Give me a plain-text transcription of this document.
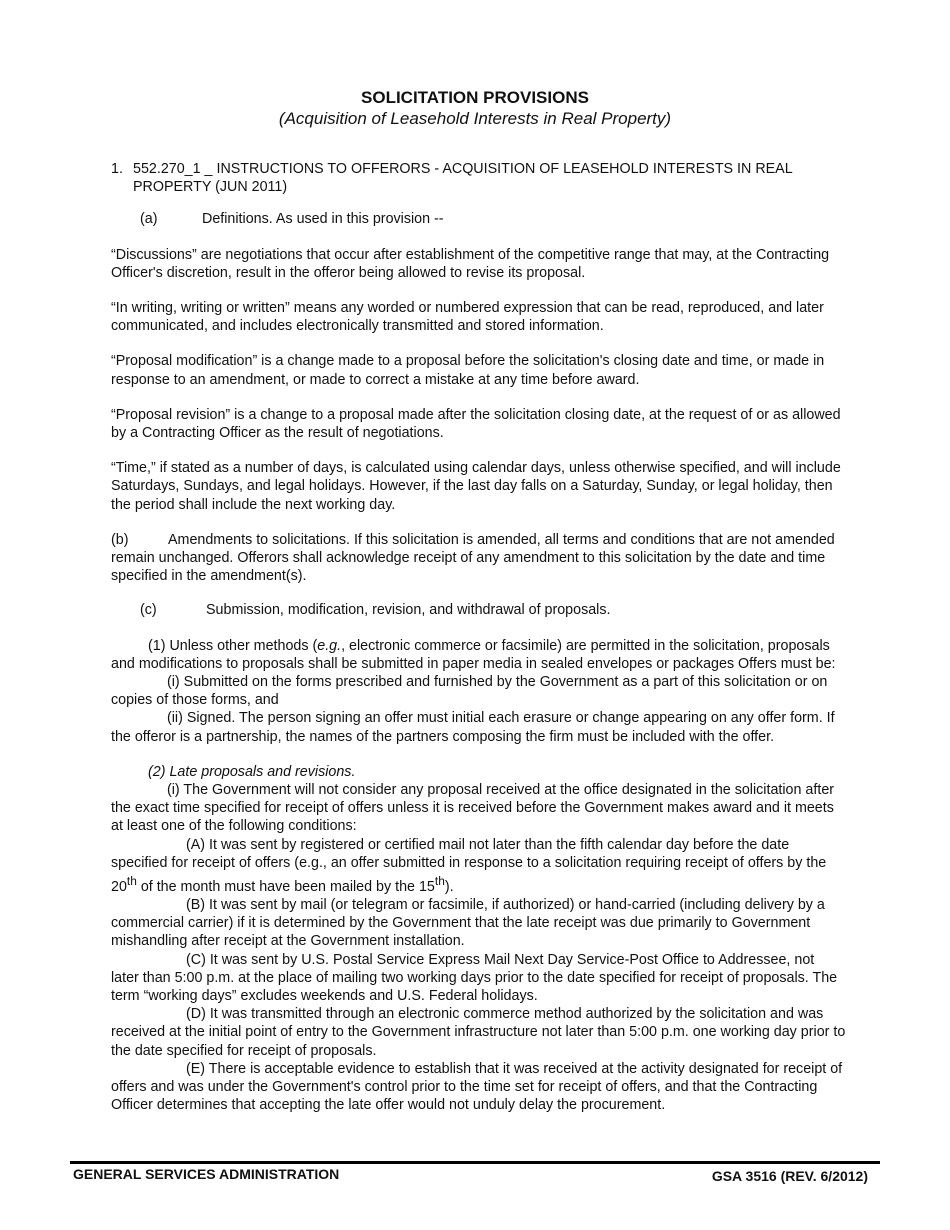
SOLICITATION PROVISIONS
(Acquisition of Leasehold Interests in Real Property)

1. 552.270_1 _ INSTRUCTIONS TO OFFERORS - ACQUISITION OF LEASEHOLD INTERESTS IN REAL PROPERTY (JUN 2011)

(a)	Definitions. As used in this provision --

“Discussions” are negotiations that occur after establishment of the competitive range that may, at the Contracting Officer's discretion, result in the offeror being allowed to revise its proposal.

“In writing, writing or written” means any worded or numbered expression that can be read, reproduced, and later communicated, and includes electronically transmitted and stored information.

“Proposal modification” is a change made to a proposal before the solicitation's closing date and time, or made in response to an amendment, or made to correct a mistake at any time before award.

“Proposal revision” is a change to a proposal made after the solicitation closing date, at the request of or as allowed by a Contracting Officer as the result of negotiations.

“Time,” if stated as a number of days, is calculated using calendar days, unless otherwise specified, and will include Saturdays, Sundays, and legal holidays. However, if the last day falls on a Saturday, Sunday, or legal holiday, then the period shall include the next working day.

(b)	Amendments to solicitations. If this solicitation is amended, all terms and conditions that are not amended remain unchanged. Offerors shall acknowledge receipt of any amendment to this solicitation by the date and time specified in the amendment(s).

(c)	Submission, modification, revision, and withdrawal of proposals.

(1) Unless other methods (e.g., electronic commerce or facsimile) are permitted in the solicitation, proposals and modifications to proposals shall be submitted in paper media in sealed envelopes or packages Offers must be:

(i) Submitted on the forms prescribed and furnished by the Government as a part of this solicitation or on copies of those forms, and

(ii) Signed. The person signing an offer must initial each erasure or change appearing on any offer form. If the offeror is a partnership, the names of the partners composing the firm must be included with the offer.

(2) Late proposals and revisions.

(i) The Government will not consider any proposal received at the office designated in the solicitation after the exact time specified for receipt of offers unless it is received before the Government makes award and it meets at least one of the following conditions:

(A) It was sent by registered or certified mail not later than the fifth calendar day before the date specified for receipt of offers (e.g., an offer submitted in response to a solicitation requiring receipt of offers by the 20th of the month must have been mailed by the 15th).

(B) It was sent by mail (or telegram or facsimile, if authorized) or hand-carried (including delivery by a commercial carrier) if it is determined by the Government that the late receipt was due primarily to Government mishandling after receipt at the Government installation.

(C) It was sent by U.S. Postal Service Express Mail Next Day Service-Post Office to Addressee, not later than 5:00 p.m. at the place of mailing two working days prior to the date specified for receipt of proposals. The term “working days” excludes weekends and U.S. Federal holidays.

(D) It was transmitted through an electronic commerce method authorized by the solicitation and was received at the initial point of entry to the Government infrastructure not later than 5:00 p.m. one working day prior to the date specified for receipt of proposals.

(E) There is acceptable evidence to establish that it was received at the activity designated for receipt of offers and was under the Government's control prior to the time set for receipt of offers, and that the Contracting Officer determines that accepting the late offer would not unduly delay the procurement.

GENERAL SERVICES ADMINISTRATION	GSA 3516 (REV. 6/2012)
